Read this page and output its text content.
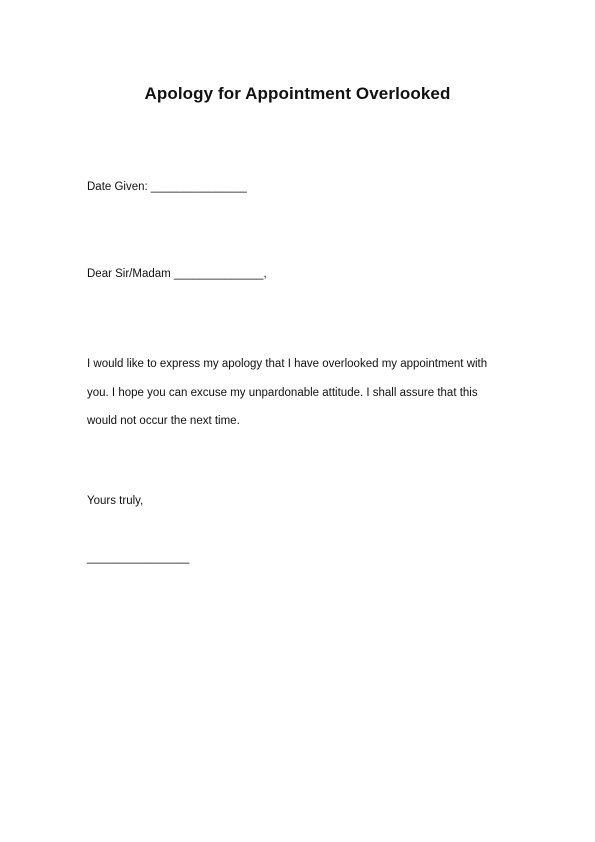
Apology for Appointment Overlooked
Date Given: _______________
Dear Sir/Madam ______________,
I would like to express my apology that I have overlooked my appointment with
you. I hope you can excuse my unpardonable attitude. I shall assure that this
would not occur the next time.
Yours truly,
________________
